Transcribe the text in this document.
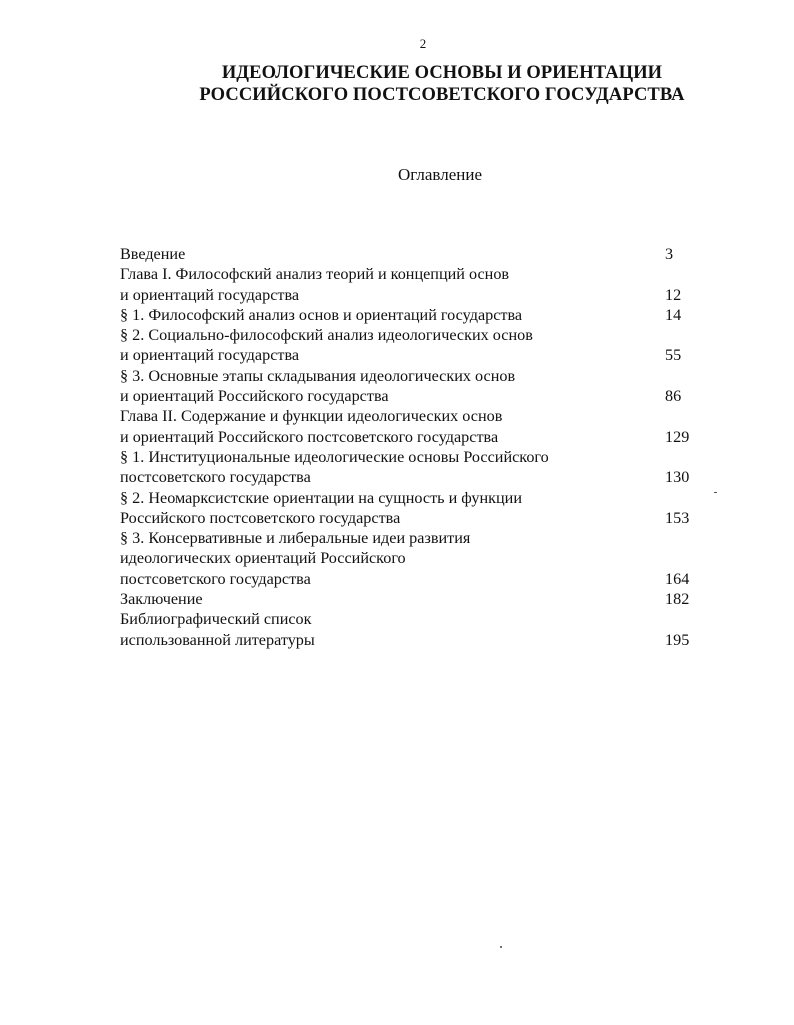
2
ИДЕОЛОГИЧЕСКИЕ ОСНОВЫ И ОРИЕНТАЦИИ
РОССИЙСКОГО ПОСТСОВЕТСКОГО ГОСУДАРСТВА
Оглавление
Введение	3
Глава I. Философский анализ теорий и концепций основ
и ориентаций государства	12
§ 1. Философский анализ основ и ориентаций государства	14
§ 2. Социально-философский анализ идеологических основ
и ориентаций государства	55
§ 3. Основные этапы складывания идеологических основ
и ориентаций Российского государства	86
Глава II. Содержание и функции идеологических основ
и ориентаций Российского постсоветского государства	129
§ 1. Институциональные идеологические основы Российского
постсоветского государства	130
§ 2. Неомарксистские ориентации на сущность и функции
Российского постсоветского государства	153
§ 3. Консервативные и либеральные идеи развития
идеологических ориентаций Российского
постсоветского государства	164
Заключение	182
Библиографический список
использованной литературы	195
